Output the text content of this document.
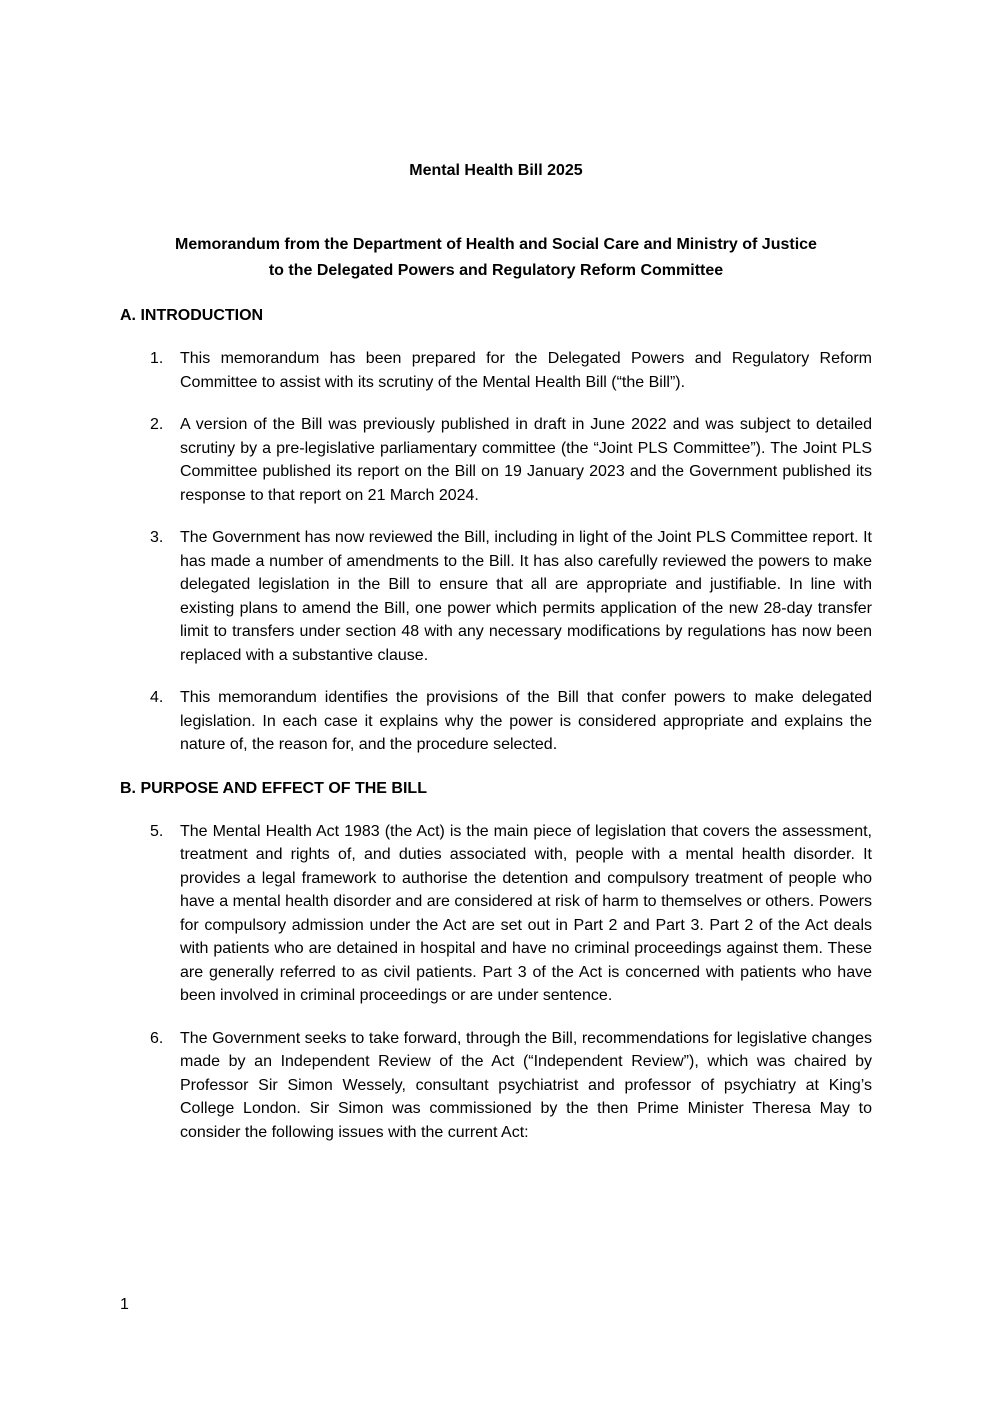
Mental Health Bill 2025
Memorandum from the Department of Health and Social Care and Ministry of Justice
to the Delegated Powers and Regulatory Reform Committee
A. INTRODUCTION
1.	This memorandum has been prepared for the Delegated Powers and Regulatory Reform Committee to assist with its scrutiny of the Mental Health Bill (“the Bill”).
2.	A version of the Bill was previously published in draft in June 2022 and was subject to detailed scrutiny by a pre-legislative parliamentary committee (the “Joint PLS Committee”). The Joint PLS Committee published its report on the Bill on 19 January 2023 and the Government published its response to that report on 21 March 2024.
3.	The Government has now reviewed the Bill, including in light of the Joint PLS Committee report. It has made a number of amendments to the Bill. It has also carefully reviewed the powers to make delegated legislation in the Bill to ensure that all are appropriate and justifiable. In line with existing plans to amend the Bill, one power which permits application of the new 28-day transfer limit to transfers under section 48 with any necessary modifications by regulations has now been replaced with a substantive clause.
4.	This memorandum identifies the provisions of the Bill that confer powers to make delegated legislation. In each case it explains why the power is considered appropriate and explains the nature of, the reason for, and the procedure selected.
B. PURPOSE AND EFFECT OF THE BILL
5.	The Mental Health Act 1983 (the Act) is the main piece of legislation that covers the assessment, treatment and rights of, and duties associated with, people with a mental health disorder. It provides a legal framework to authorise the detention and compulsory treatment of people who have a mental health disorder and are considered at risk of harm to themselves or others. Powers for compulsory admission under the Act are set out in Part 2 and Part 3. Part 2 of the Act deals with patients who are detained in hospital and have no criminal proceedings against them. These are generally referred to as civil patients. Part 3 of the Act is concerned with patients who have been involved in criminal proceedings or are under sentence.
6.	The Government seeks to take forward, through the Bill, recommendations for legislative changes made by an Independent Review of the Act (“Independent Review”), which was chaired by Professor Sir Simon Wessely, consultant psychiatrist and professor of psychiatry at King’s College London. Sir Simon was commissioned by the then Prime Minister Theresa May to consider the following issues with the current Act:
1
